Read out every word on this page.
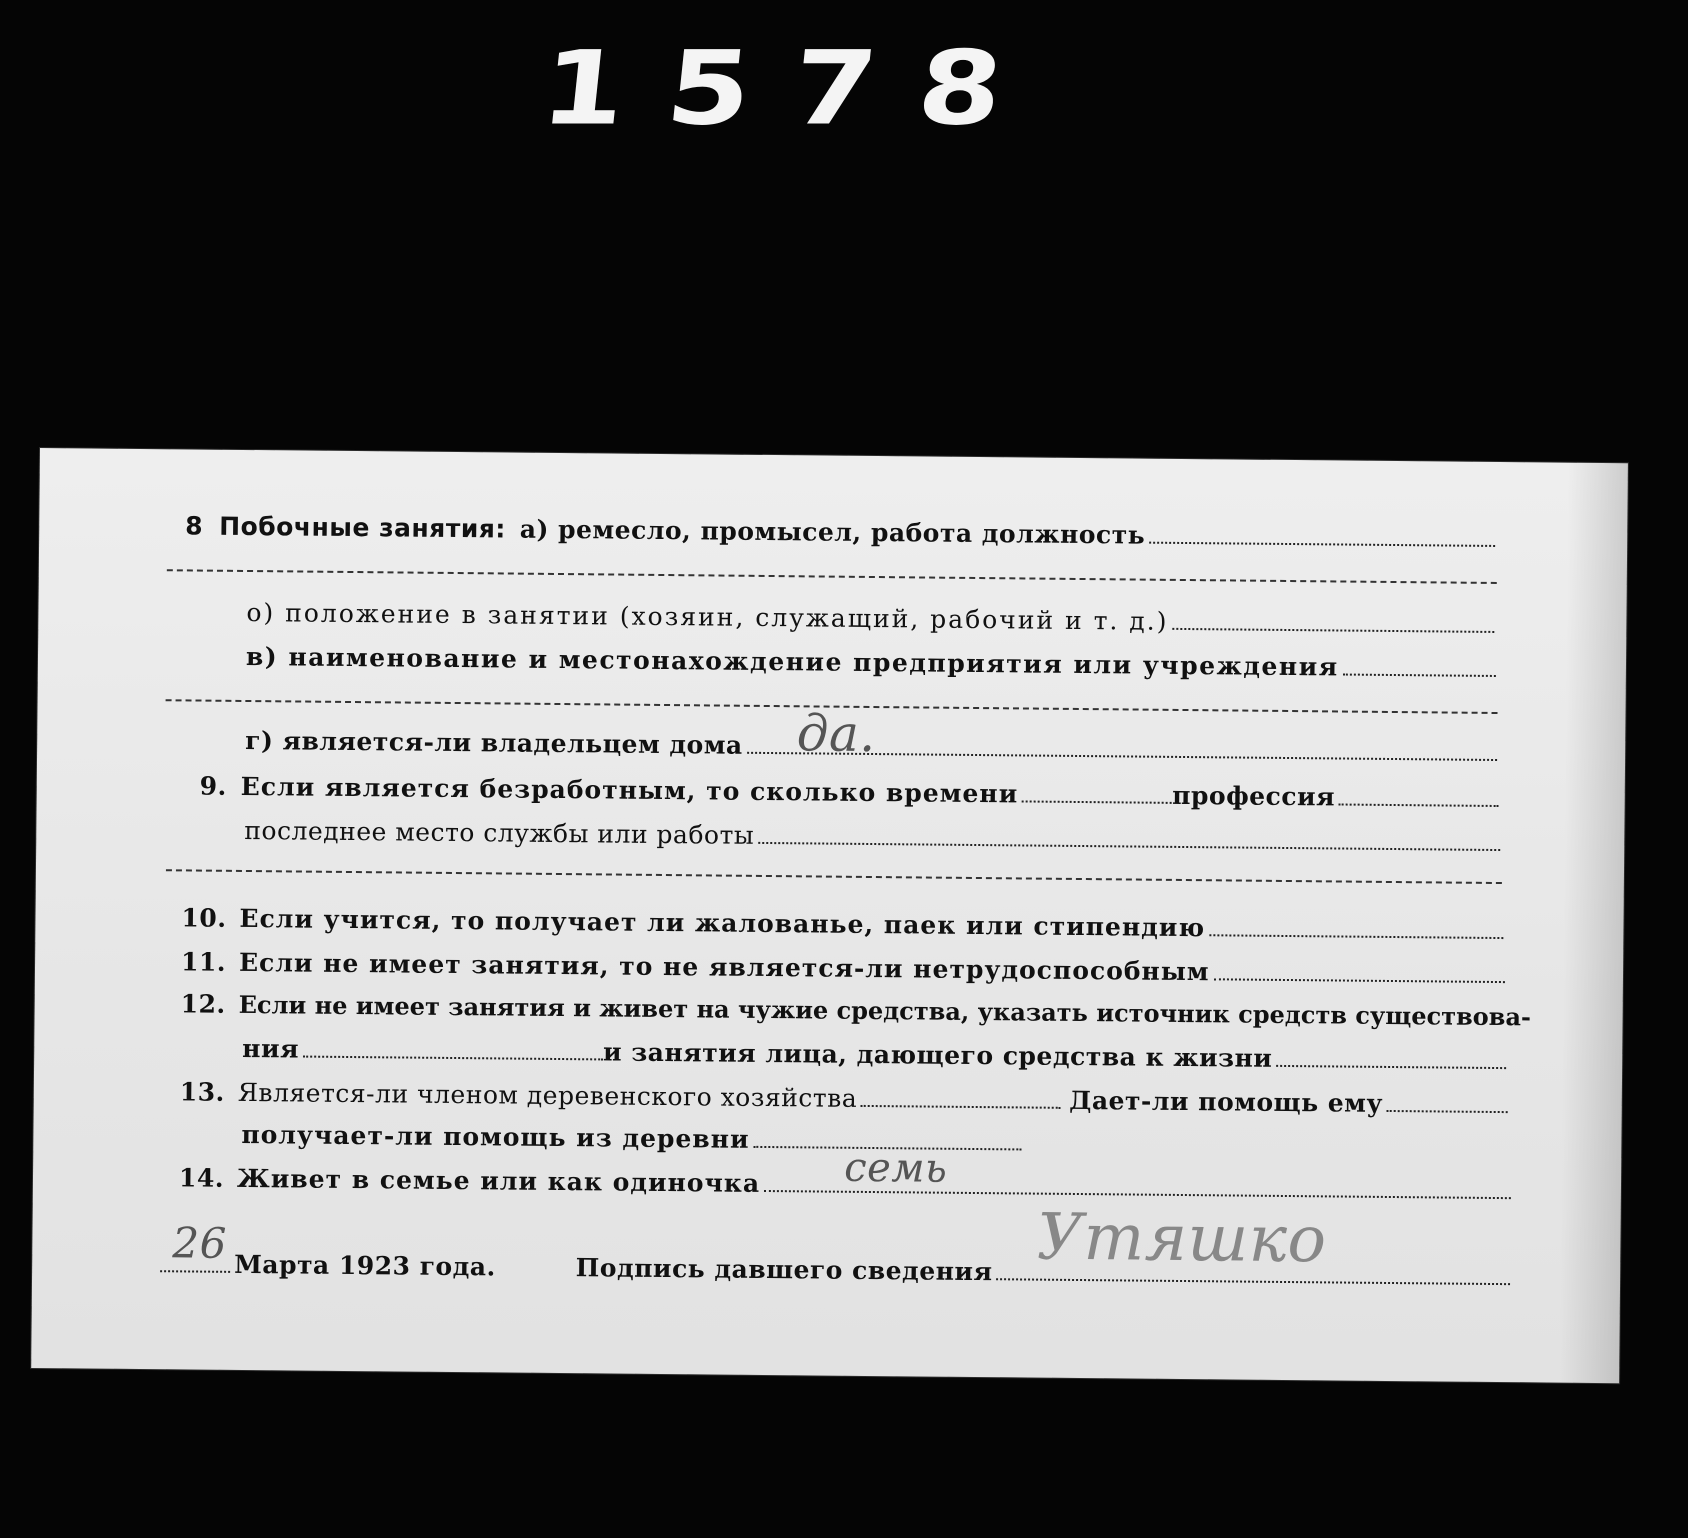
1578
8 Побочные занятия: а) ремесло, промысел, работа должность
о) положение в занятии (хозяин, служащий, рабочий и т. д.)
в) наименование и местонахождение предприятия или учреждения
г) является-ли владельцем дома да.
9. Если является безработным, то сколько времени	профессия
последнее место службы или работы
10. Если учится, то получает ли жалованье, паек или стипендию
11. Если не имеет занятия, то не является-ли нетрудоспособным
12. Если не имеет занятия и живет на чужие средства, указать источник средств существова-
ния	и занятия лица, дающего средства к жизни
13. Является-ли членом деревенского хозяйства	Дает-ли помощь ему
получает-ли помощь из деревни
14. Живет в семье или как одиночка семь
26 Марта 1923 года.	Подпись давшего сведения Утяшко
